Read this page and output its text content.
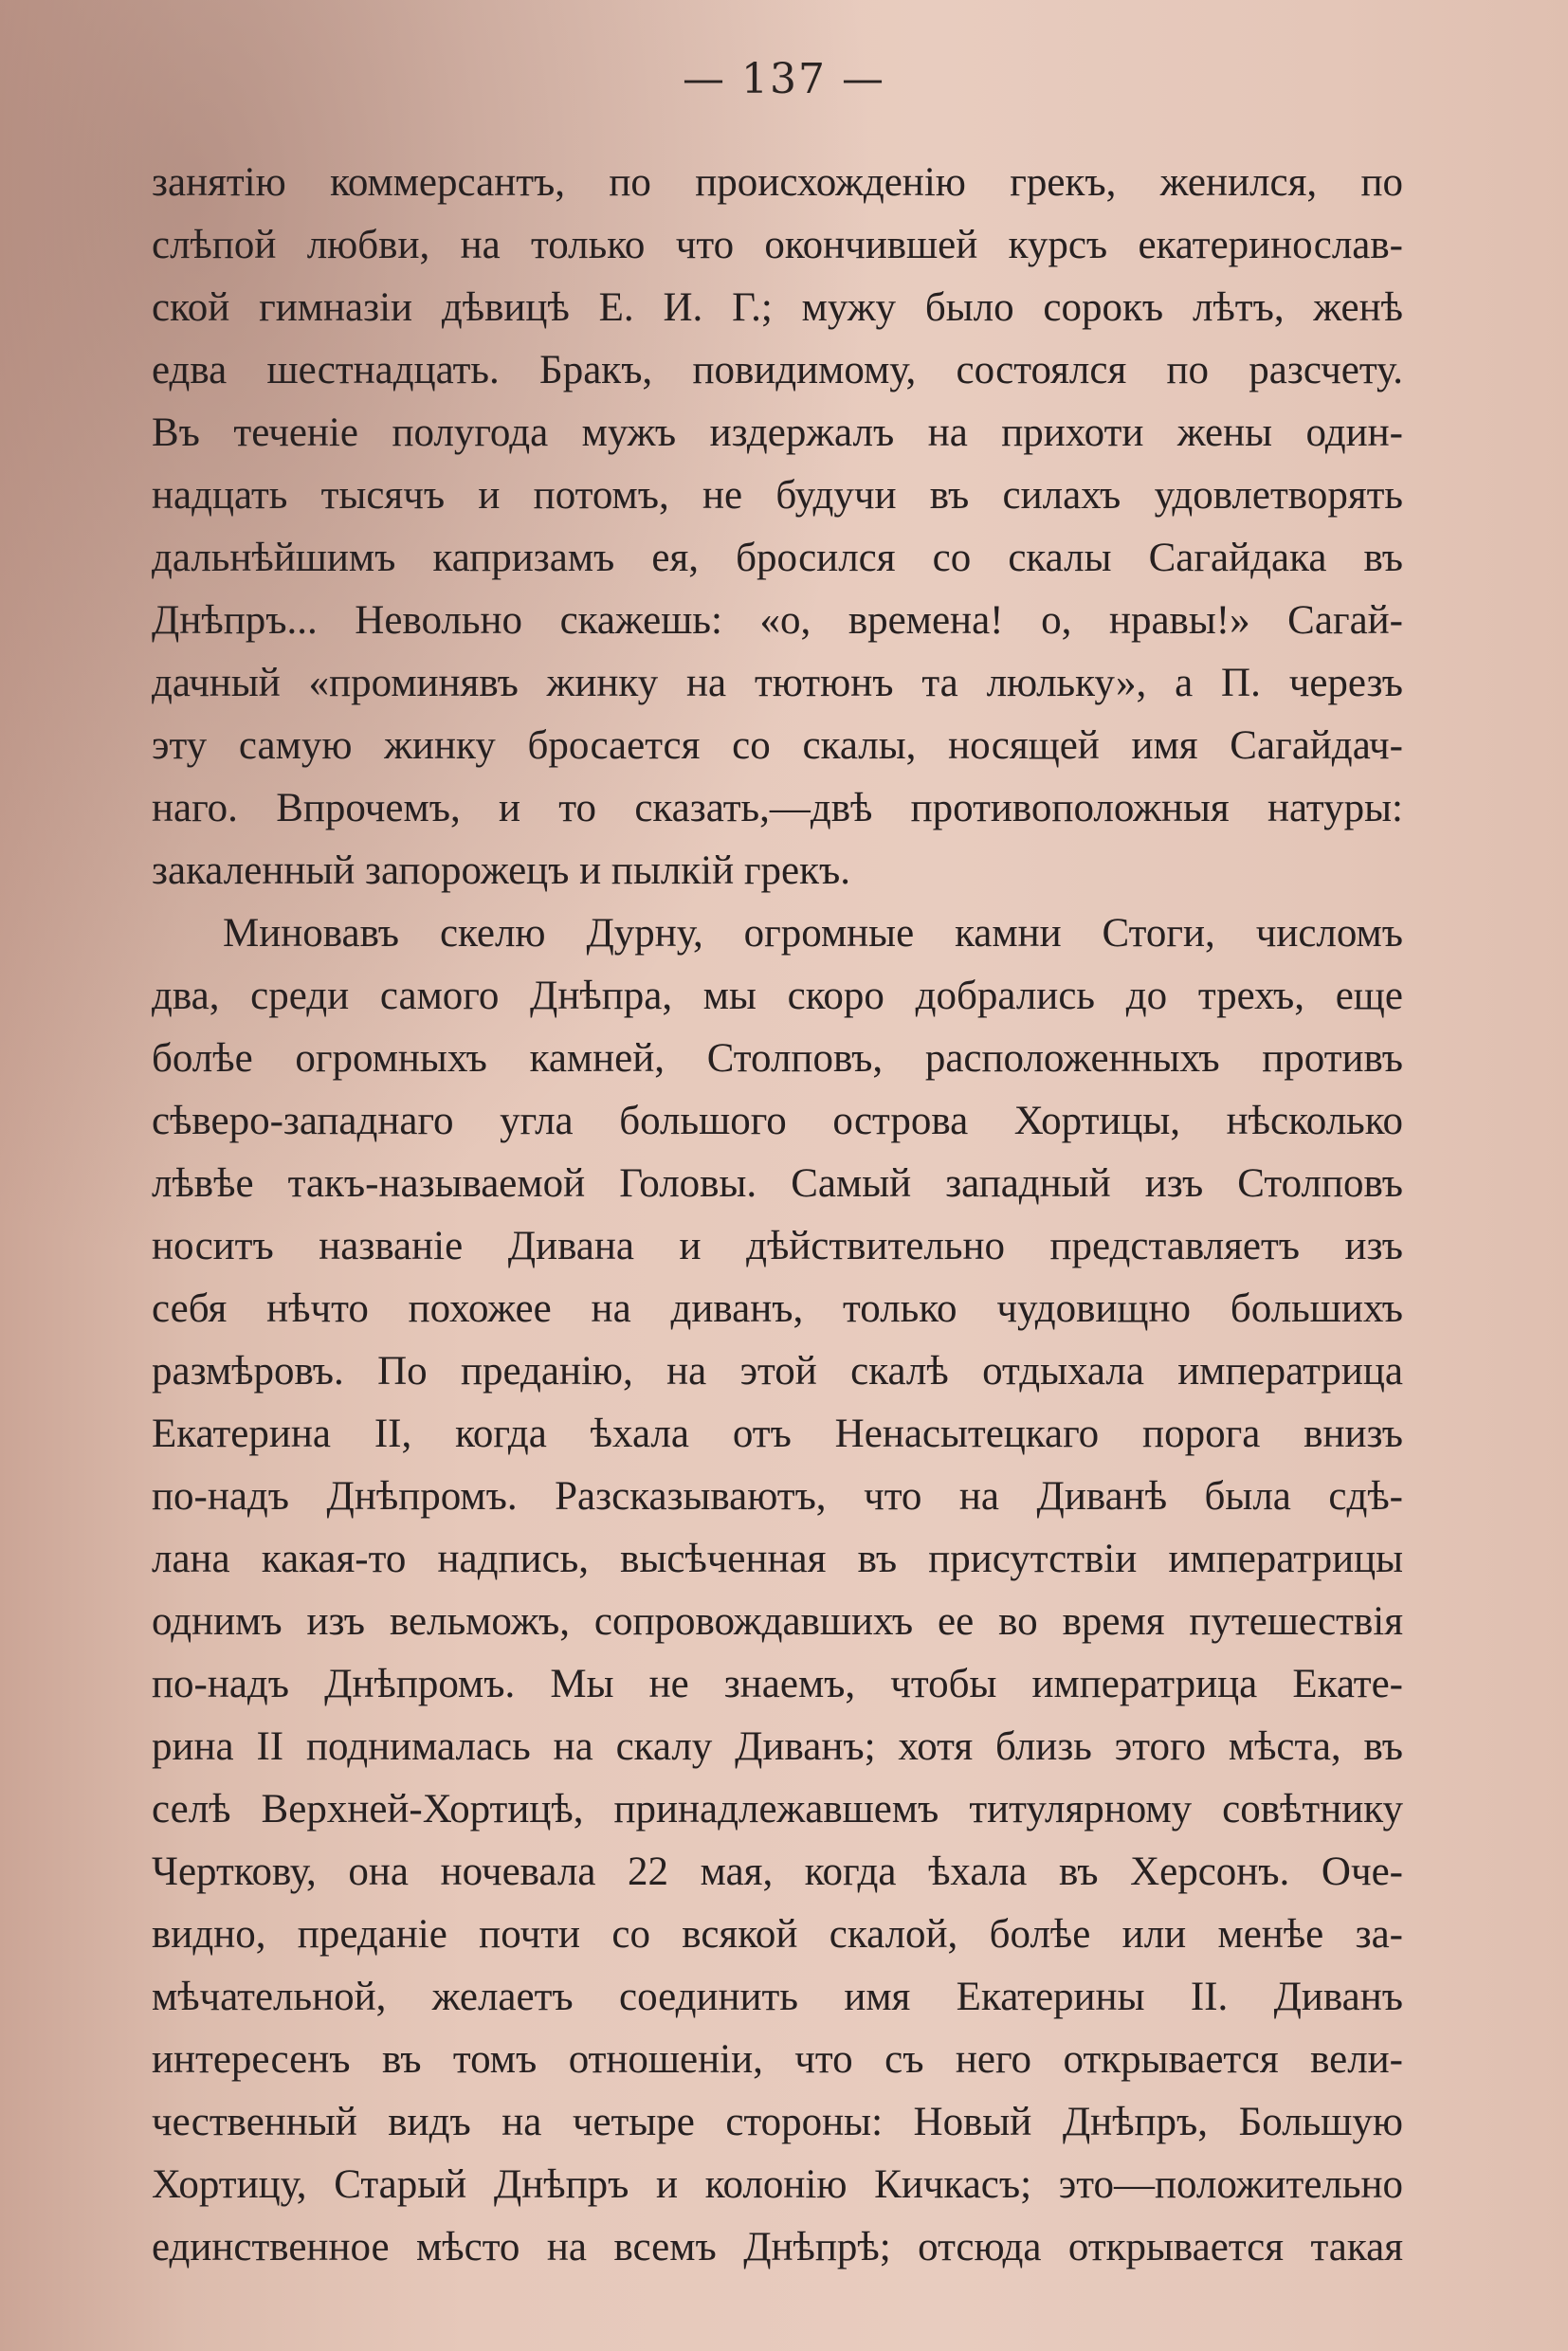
— 137 —
занятію коммерсантъ, по происхожденію грекъ, женился, по
слѣпой любви, на только что окончившей курсъ екатеринослав-
ской гимназіи дѣвицѣ Е. И. Г.; мужу было сорокъ лѣтъ, женѣ
едва шестнадцать. Бракъ, повидимому, состоялся по разсчету.
Въ теченіе полугода мужъ издержалъ на прихоти жены один-
надцать тысячъ и потомъ, не будучи въ силахъ удовлетворять
дальнѣйшимъ капризамъ ея, бросился со скалы Сагайдака въ
Днѣпръ... Невольно скажешь: «о, времена! о, нравы!» Сагай-
дачный «проминявъ жинку на тютюнъ та люльку», а П. черезъ
эту самую жинку бросается со скалы, носящей имя Сагайдач-
наго. Впрочемъ, и то сказать,—двѣ противоположныя натуры:
закаленный запорожецъ и пылкій грекъ.
Миновавъ скелю Дурну, огромные камни Стоги, числомъ
два, среди самого Днѣпра, мы скоро добрались до трехъ, еще
болѣе огромныхъ камней, Столповъ, расположенныхъ противъ
сѣверо-западнаго угла большого острова Хортицы, нѣсколько
лѣвѣе такъ-называемой Головы. Самый западный изъ Столповъ
носитъ названіе Дивана и дѣйствительно представляетъ изъ
себя нѣчто похожее на диванъ, только чудовищно большихъ
размѣровъ. По преданію, на этой скалѣ отдыхала императрица
Екатерина II, когда ѣхала отъ Ненасытецкаго порога внизъ
по-надъ Днѣпромъ. Разсказываютъ, что на Диванѣ была сдѣ-
лана какая-то надпись, высѣченная въ присутствіи императрицы
однимъ изъ вельможъ, сопровождавшихъ ее во время путешествія
по-надъ Днѣпромъ. Мы не знаемъ, чтобы императрица Екате-
рина II поднималась на скалу Диванъ; хотя близь этого мѣста, въ
селѣ Верхней-Хортицѣ, принадлежавшемъ титулярному совѣтнику
Черткову, она ночевала 22 мая, когда ѣхала въ Херсонъ. Оче-
видно, преданіе почти со всякой скалой, болѣе или менѣе за-
мѣчательной, желаетъ соединить имя Екатерины II. Диванъ
интересенъ въ томъ отношеніи, что съ него открывается вели-
чественный видъ на четыре стороны: Новый Днѣпръ, Большую
Хортицу, Старый Днѣпръ и колонію Кичкасъ; это—положительно
единственное мѣсто на всемъ Днѣпрѣ; отсюда открывается такая
